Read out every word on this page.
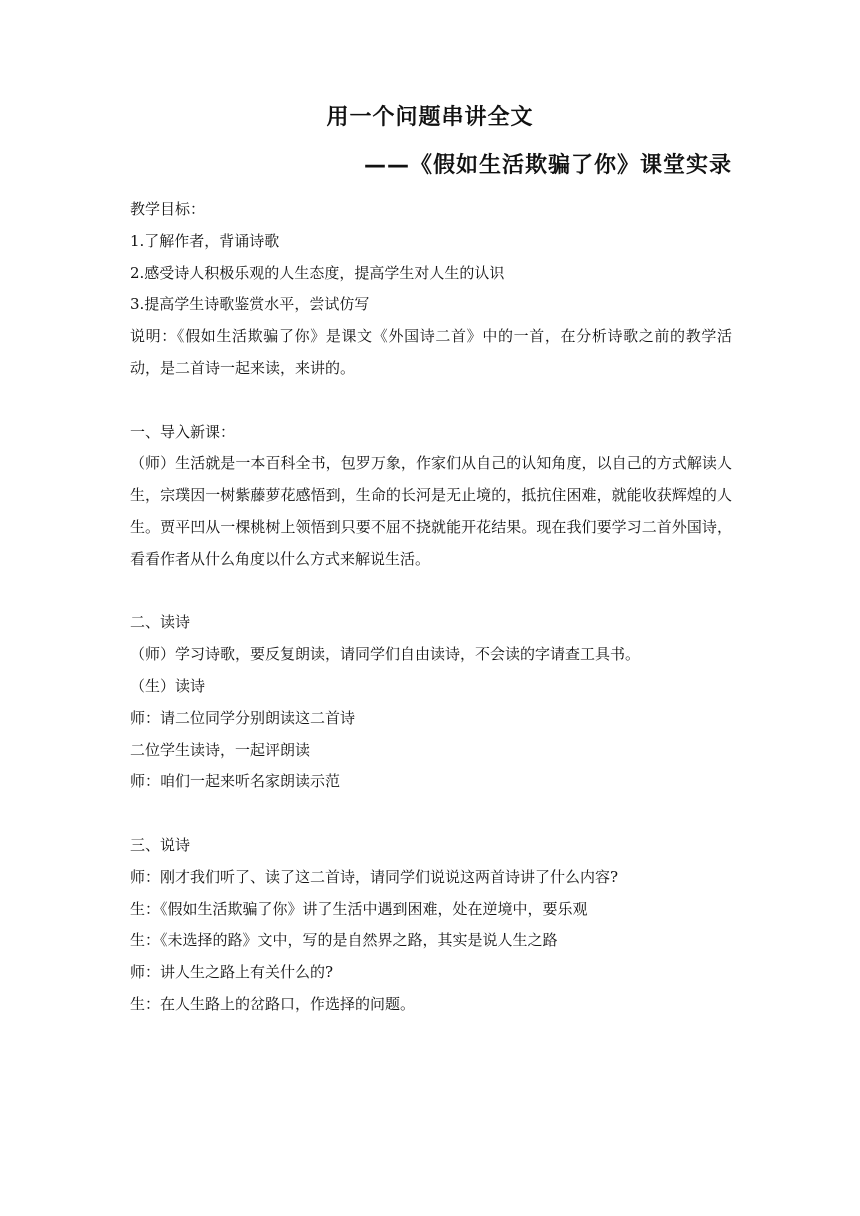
用一个问题串讲全文
——《假如生活欺骗了你》课堂实录
教学目标：
1.了解作者，背诵诗歌
2.感受诗人积极乐观的人生态度，提高学生对人生的认识
3.提高学生诗歌鉴赏水平，尝试仿写
说明：《假如生活欺骗了你》是课文《外国诗二首》中的一首，在分析诗歌之前的教学活动，是二首诗一起来读，来讲的。
一、导入新课：
（师）生活就是一本百科全书，包罗万象，作家们从自己的认知角度，以自己的方式解读人生，宗璞因一树紫藤萝花感悟到，生命的长河是无止境的，抵抗住困难，就能收获辉煌的人生。贾平凹从一棵桃树上领悟到只要不屈不挠就能开花结果。现在我们要学习二首外国诗，看看作者从什么角度以什么方式来解说生活。
二、读诗
（师）学习诗歌，要反复朗读，请同学们自由读诗，不会读的字请查工具书。
（生）读诗
师：请二位同学分别朗读这二首诗
二位学生读诗，一起评朗读
师：咱们一起来听名家朗读示范
三、说诗
师：刚才我们听了、读了这二首诗，请同学们说说这两首诗讲了什么内容?
生：《假如生活欺骗了你》讲了生活中遇到困难，处在逆境中，要乐观
生：《未选择的路》文中，写的是自然界之路，其实是说人生之路
师：讲人生之路上有关什么的?
生：在人生路上的岔路口，作选择的问题。
